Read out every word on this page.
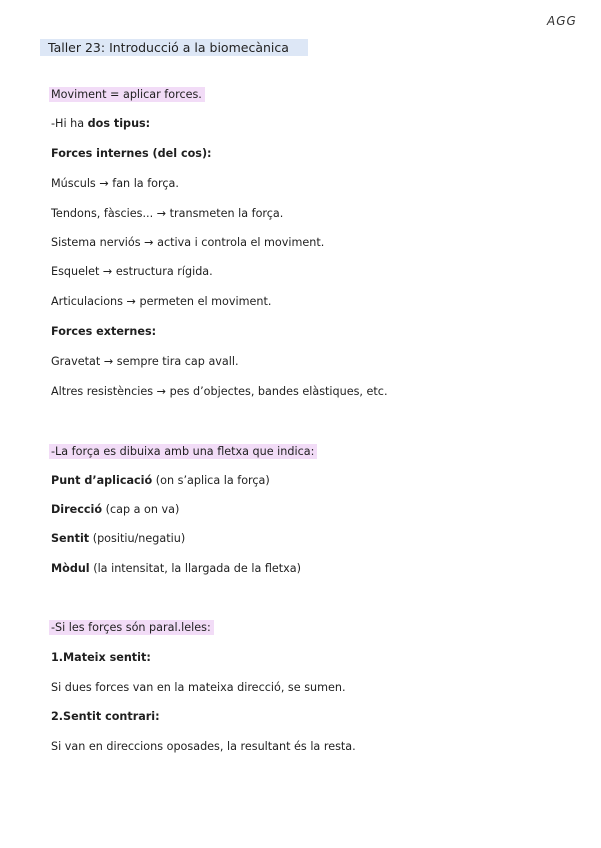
AGG
Taller 23: Introducció a la biomecànica
Moviment = aplicar forces.
-Hi ha dos tipus:
Forces internes (del cos):
Músculs → fan la força.
Tendons, fàscies... → transmeten la força.
Sistema nerviós → activa i controla el moviment.
Esquelet → estructura rígida.
Articulacions → permeten el moviment.
Forces externes:
Gravetat → sempre tira cap avall.
Altres resistències → pes d’objectes, bandes elàstiques, etc.
-La força es dibuixa amb una fletxa que indica:
Punt d’aplicació (on s’aplica la força)
Direcció (cap a on va)
Sentit (positiu/negatiu)
Mòdul (la intensitat, la llargada de la fletxa)
-Si les forçes són paral.leles:
1.Mateix sentit:
Si dues forces van en la mateixa direcció, se sumen.
2.Sentit contrari:
Si van en direccions oposades, la resultant és la resta.
